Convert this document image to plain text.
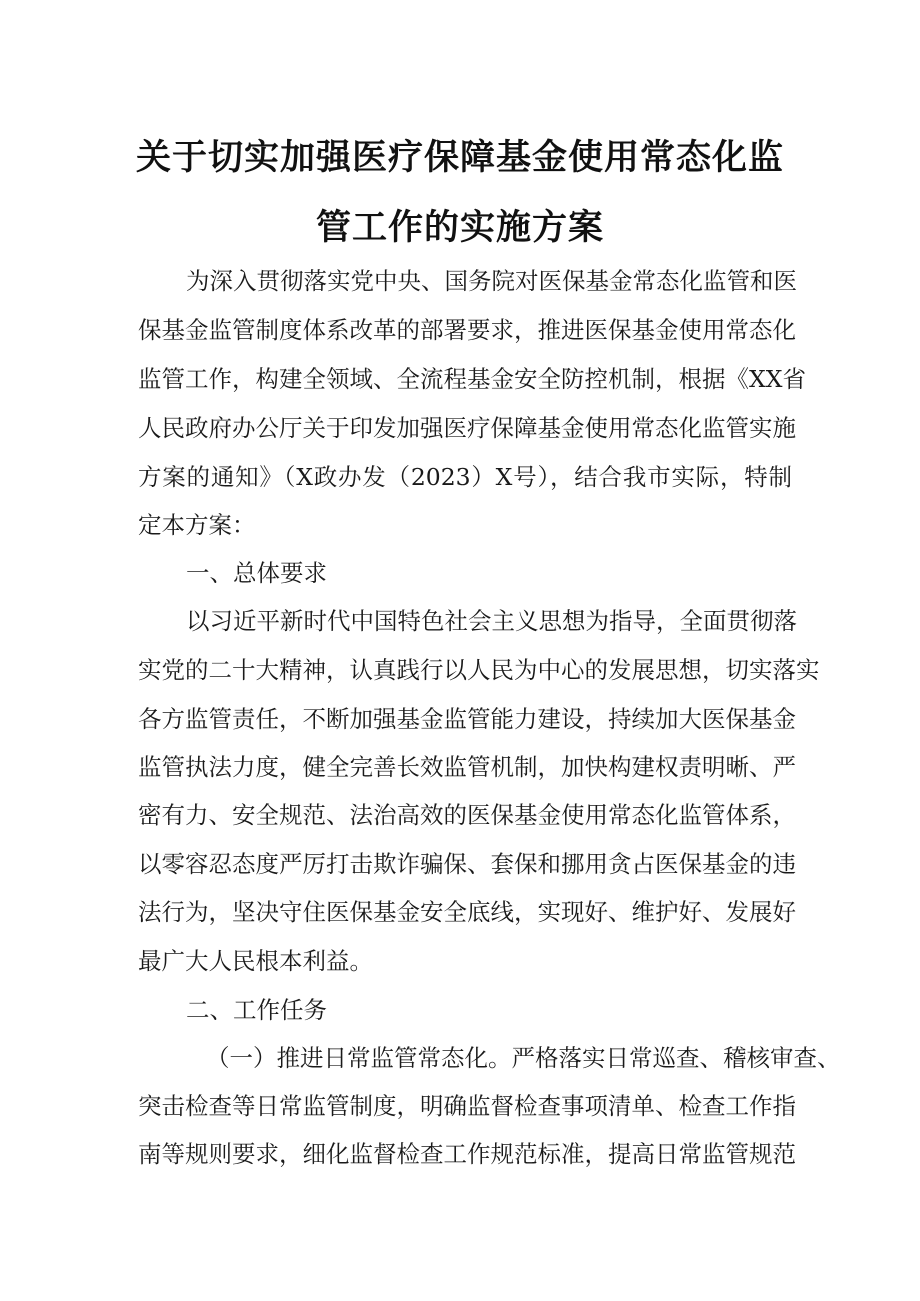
关于切实加强医疗保障基金使用常态化监
管工作的实施方案

为深入贯彻落实党中央、国务院对医保基金常态化监管和医

保基金监管制度体系改革的部署要求，推进医保基金使用常态化

监管工作，构建全领域、全流程基金安全防控机制，根据《XX省

人民政府办公厅关于印发加强医疗保障基金使用常态化监管实施

方案的通知》（X政办发（2023）X号），结合我市实际，特制

定本方案：

一、总体要求

以习近平新时代中国特色社会主义思想为指导，全面贯彻落

实党的二十大精神，认真践行以人民为中心的发展思想，切实落实

各方监管责任，不断加强基金监管能力建设，持续加大医保基金

监管执法力度，健全完善长效监管机制，加快构建权责明晰、严

密有力、安全规范、法治高效的医保基金使用常态化监管体系，

以零容忍态度严厉打击欺诈骗保、套保和挪用贪占医保基金的违

法行为，坚决守住医保基金安全底线，实现好、维护好、发展好

最广大人民根本利益。

二、工作任务

（一）推进日常监管常态化。严格落实日常巡查、稽核审查、

突击检查等日常监管制度，明确监督检查事项清单、检查工作指

南等规则要求，细化监督检查工作规范标准，提高日常监管规范
